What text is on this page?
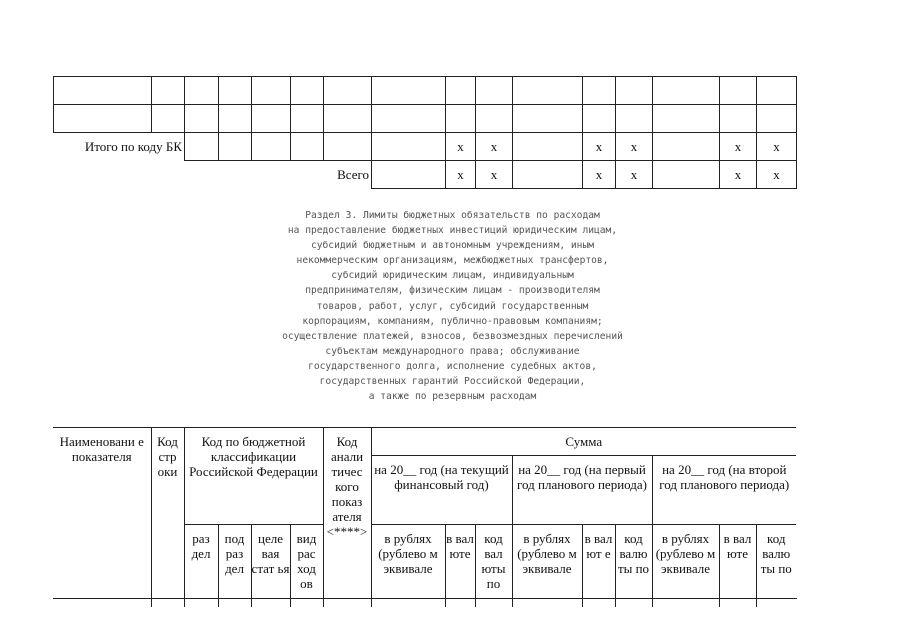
Итого по коду БК								х	х		х	х		х	х
Всего								х	х		х	х		х	х
Раздел 3. Лимиты бюджетных обязательств по расходам
на предоставление бюджетных инвестиций юридическим лицам,
субсидий бюджетным и автономным учреждениям, иным
некоммерческим организациям, межбюджетных трансфертов,
субсидий юридическим лицам, индивидуальным
предпринимателям, физическим лицам - производителям
товаров, работ, услуг, субсидий государственным
корпорациям, компаниям, публично-правовым компаниям;
осуществление платежей, взносов, безвозмездных перечислений
субъектам международного права; обслуживание
государственного долга, исполнение судебных актов,
государственных гарантий Российской Федерации,
а также по резервным расходам
Наименовани е показателя	Код стр оки	Код по бюджетной классификации Российской Федерации				Код анали тичес кого показ ателя <****>	Сумма								
							на 20__ год (на текущий финансовый год)			на 20__ год (на первый год планового периода)			на 20__ год (на второй год планового периода)		
		раз дел	под раз дел	целе вая стат ья	вид рас ход ов		в рублях (рублево м эквивале	в вал юте	код вал юты по	в рублях (рублево м эквивале	в вал ют е	код валю ты по	в рублях (рублево м эквивале	в вал юте	код валю ты по
